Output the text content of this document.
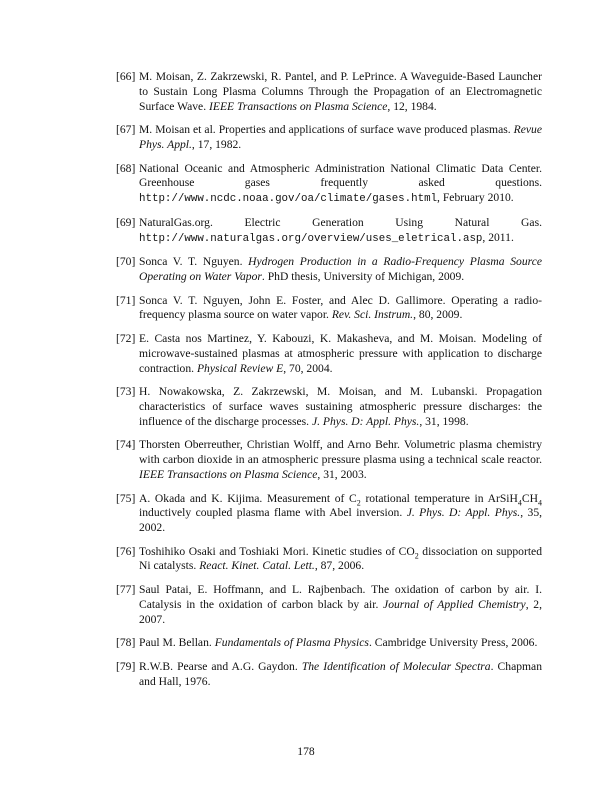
[66] M. Moisan, Z. Zakrzewski, R. Pantel, and P. LePrince. A Waveguide-Based Launcher to Sustain Long Plasma Columns Through the Propagation of an Electromagnetic Surface Wave. IEEE Transactions on Plasma Science, 12, 1984.
[67] M. Moisan et al. Properties and applications of surface wave produced plasmas. Revue Phys. Appl., 17, 1982.
[68] National Oceanic and Atmospheric Administration National Climatic Data Center. Greenhouse gases frequently asked questions. http://www.ncdc.noaa.gov/oa/climate/gases.html, February 2010.
[69] NaturalGas.org. Electric Generation Using Natural Gas. http://www.naturalgas.org/overview/uses_eletrical.asp, 2011.
[70] Sonca V. T. Nguyen. Hydrogen Production in a Radio-Frequency Plasma Source Operating on Water Vapor. PhD thesis, University of Michigan, 2009.
[71] Sonca V. T. Nguyen, John E. Foster, and Alec D. Gallimore. Operating a radio-frequency plasma source on water vapor. Rev. Sci. Instrum., 80, 2009.
[72] E. Casta nos Martinez, Y. Kabouzi, K. Makasheva, and M. Moisan. Modeling of microwave-sustained plasmas at atmospheric pressure with application to discharge contraction. Physical Review E, 70, 2004.
[73] H. Nowakowska, Z. Zakrzewski, M. Moisan, and M. Lubanski. Propagation characteristics of surface waves sustaining atmospheric pressure discharges: the influence of the discharge processes. J. Phys. D: Appl. Phys., 31, 1998.
[74] Thorsten Oberreuther, Christian Wolff, and Arno Behr. Volumetric plasma chemistry with carbon dioxide in an atmospheric pressure plasma using a technical scale reactor. IEEE Transactions on Plasma Science, 31, 2003.
[75] A. Okada and K. Kijima. Measurement of $C_2$ rotational temperature in $ArSiH_4CH_4$ inductively coupled plasma flame with Abel inversion. J. Phys. D: Appl. Phys., 35, 2002.
[76] Toshihiko Osaki and Toshiaki Mori. Kinetic studies of $CO_2$ dissociation on supported Ni catalysts. React. Kinet. Catal. Lett., 87, 2006.
[77] Saul Patai, E. Hoffmann, and L. Rajbenbach. The oxidation of carbon by air. I. Catalysis in the oxidation of carbon black by air. Journal of Applied Chemistry, 2, 2007.
[78] Paul M. Bellan. Fundamentals of Plasma Physics. Cambridge University Press, 2006.
[79] R.W.B. Pearse and A.G. Gaydon. The Identification of Molecular Spectra. Chapman and Hall, 1976.
178
